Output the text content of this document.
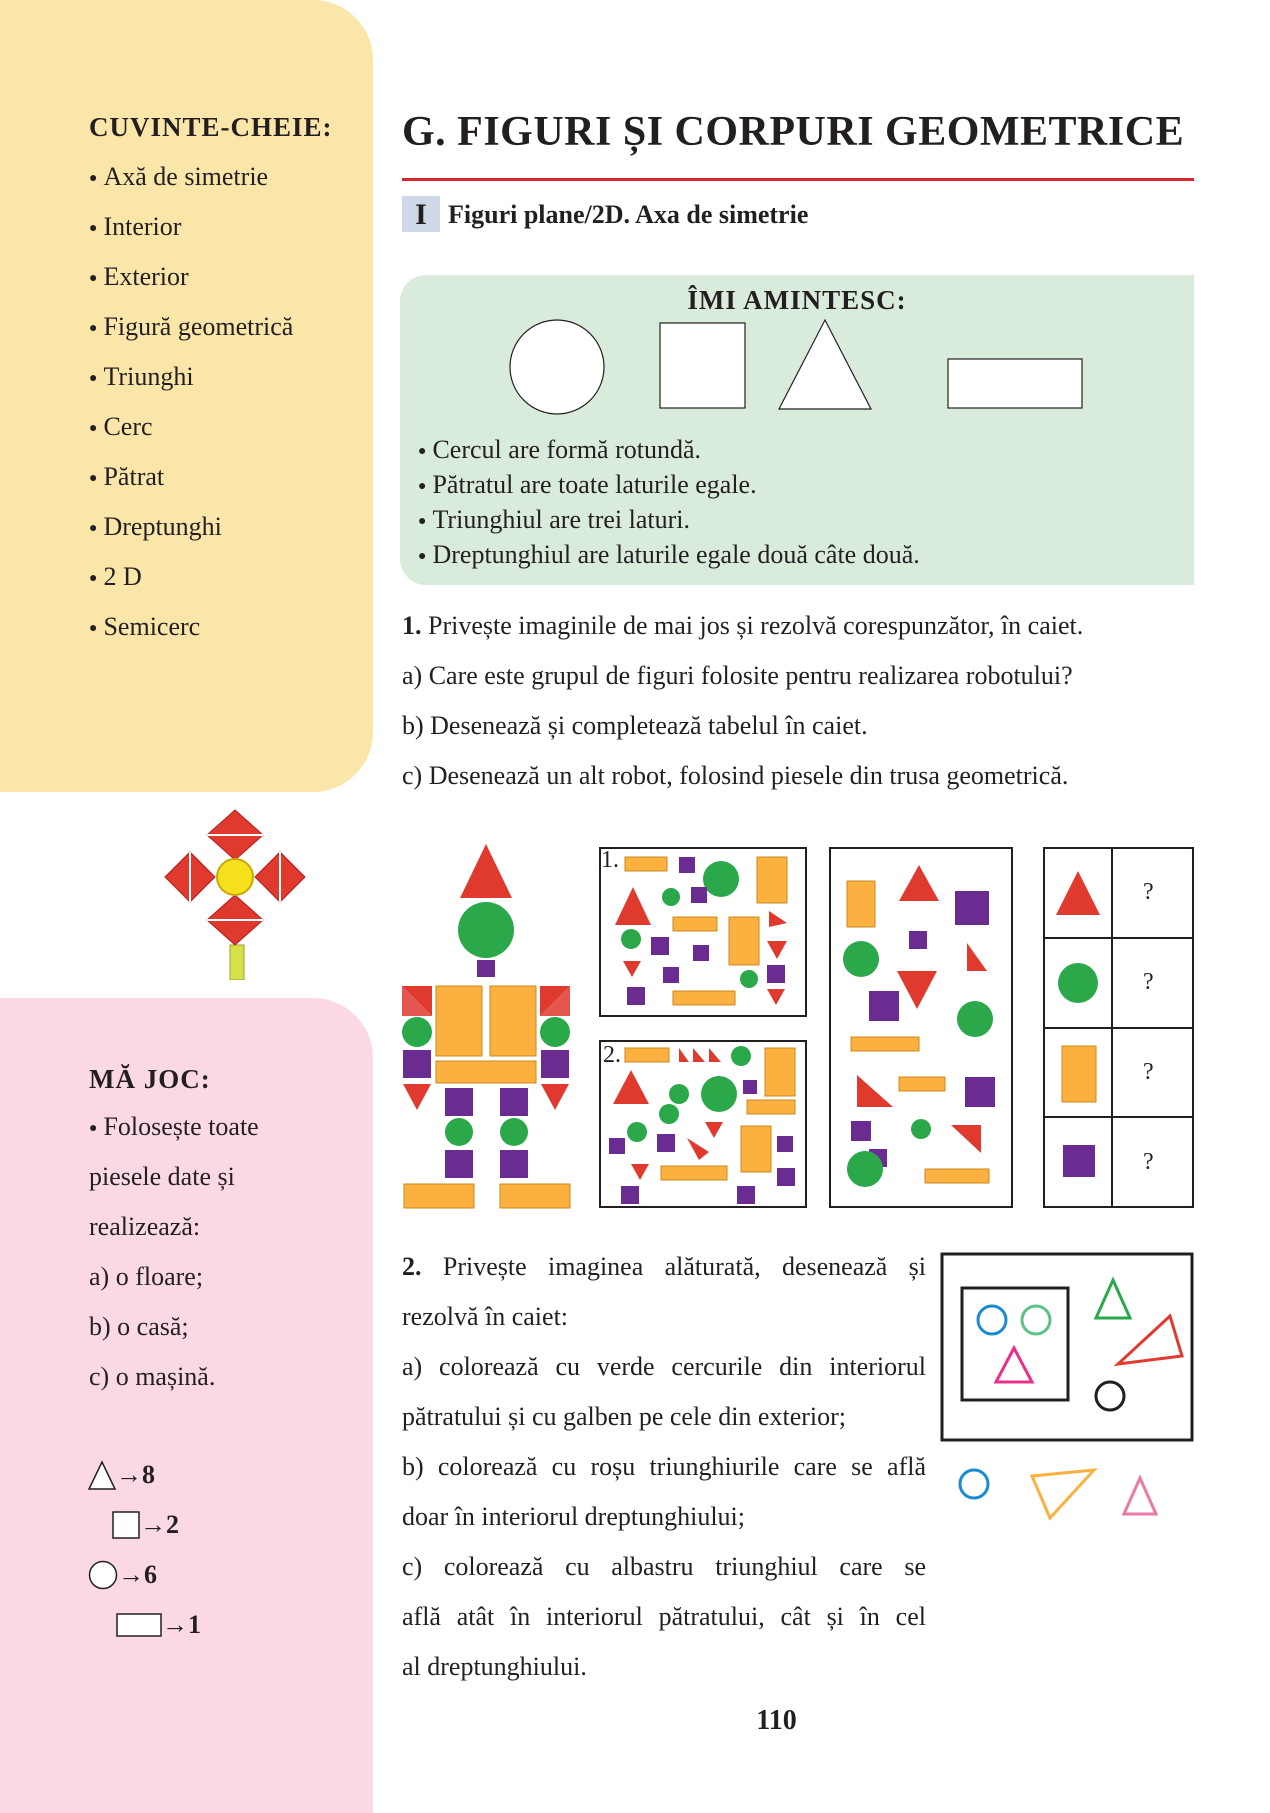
CUVINTE-CHEIE:
● Axă de simetrie
● Interior
● Exterior
● Figură geometrică
● Triunghi
● Cerc
● Pătrat
● Dreptunghi
● 2 D
● Semicerc
MĂ JOC:
● Folosește toate
piesele date și
realizează:
a) o floare;
b) o casă;
c) o mașină.
→8
→2
→6
→1
G. FIGURI ȘI CORPURI GEOMETRICE
I Figuri plane/2D. Axa de simetrie
ÎMI AMINTESC:
● Cercul are formă rotundă.
● Pătratul are toate laturile egale.
● Triunghiul are trei laturi.
● Dreptunghiul are laturile egale două câte două.
1. Privește imaginile de mai jos și rezolvă corespunzător, în caiet.
a) Care este grupul de figuri folosite pentru realizarea robotului?
b) Desenează și completează tabelul în caiet.
c) Desenează un alt robot, folosind piesele din trusa geometrică.
1.
2.
?
?
?
?
2. Privește imaginea alăturată, desenează și
rezolvă în caiet:
a) colorează cu verde cercurile din interiorul
pătratului și cu galben pe cele din exterior;
b) colorează cu roșu triunghiurile care se află
doar în interiorul dreptunghiului;
c) colorează cu albastru triunghiul care se
află atât în interiorul pătratului, cât și în cel
al dreptunghiului.
110
